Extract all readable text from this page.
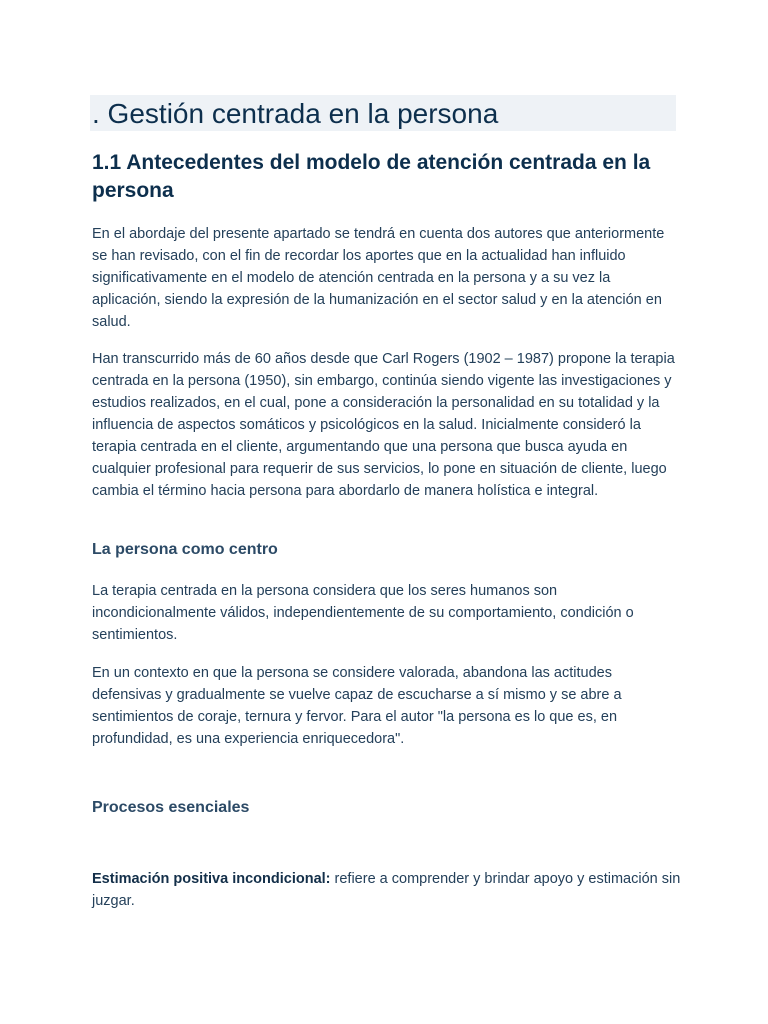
. Gestión centrada en la persona
1.1 Antecedentes del modelo de atención centrada en la persona

En el abordaje del presente apartado se tendrá en cuenta dos autores que anteriormente se han revisado, con el fin de recordar los aportes que en la actualidad han influido significativamente en el modelo de atención centrada en la persona y a su vez la aplicación, siendo la expresión de la humanización en el sector salud y en la atención en salud.

Han transcurrido más de 60 años desde que Carl Rogers (1902 – 1987) propone la terapia centrada en la persona (1950), sin embargo, continúa siendo vigente las investigaciones y estudios realizados, en el cual, pone a consideración la personalidad en su totalidad y la influencia de aspectos somáticos y psicológicos en la salud. Inicialmente consideró la terapia centrada en el cliente, argumentando que una persona que busca ayuda en cualquier profesional para requerir de sus servicios, lo pone en situación de cliente, luego cambia el término hacia persona para abordarlo de manera holística e integral.

La persona como centro

La terapia centrada en la persona considera que los seres humanos son incondicionalmente válidos, independientemente de su comportamiento, condición o sentimientos.

En un contexto en que la persona se considere valorada, abandona las actitudes defensivas y gradualmente se vuelve capaz de escucharse a sí mismo y se abre a sentimientos de coraje, ternura y fervor. Para el autor "la persona es lo que es, en profundidad, es una experiencia enriquecedora".

Procesos esenciales

Estimación positiva incondicional: refiere a comprender y brindar apoyo y estimación sin juzgar.
